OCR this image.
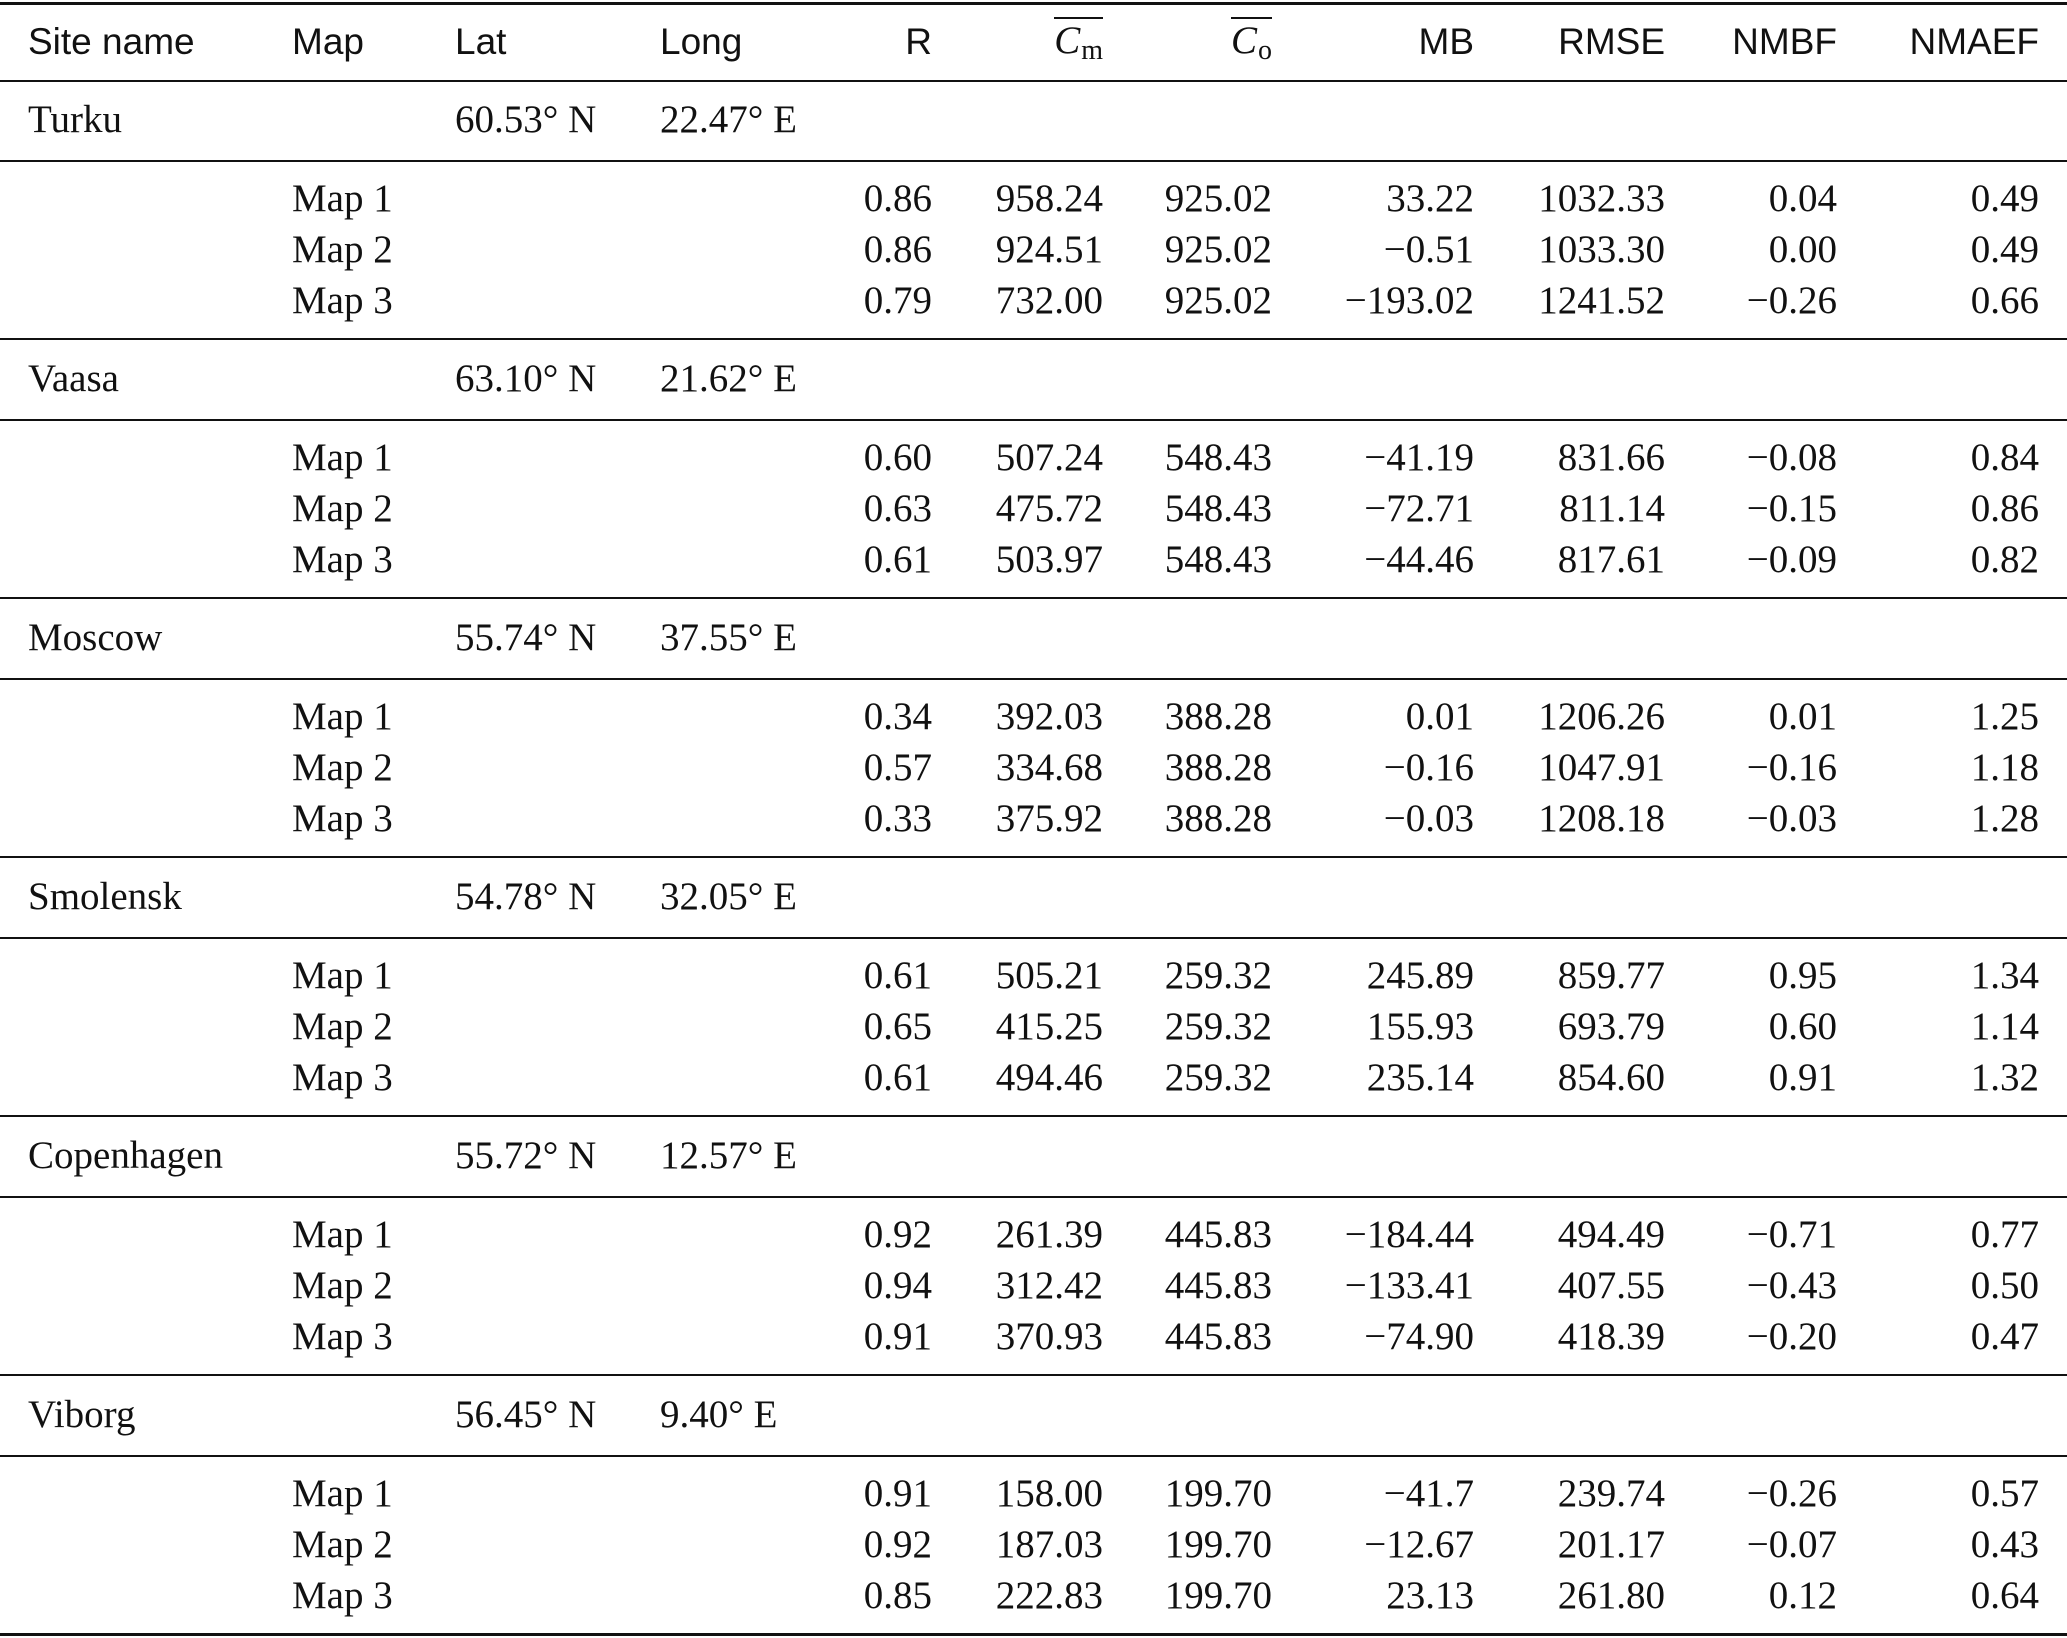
Site name	Map Lat	Long	R	$C_m$	$C_o$	MB RMSE NMBF NMAEF
Turku	60.53° N 22.47° E
Map 1	0.86 958.24 925.02	33.22 1032.33	0.04	0.49
Map 2	0.86 924.51 925.02	−0.51 1033.30	0.00	0.49
Map 3	0.79 732.00 925.02 −193.02 1241.52 −0.26	0.66
Vaasa	63.10° N 21.62° E
Map 1	0.60 507.24 548.43 −41.19 831.66 −0.08	0.84
Map 2	0.63 475.72 548.43 −72.71 811.14 −0.15	0.86
Map 3	0.61 503.97 548.43 −44.46 817.61 −0.09	0.82
Moscow	55.74° N 37.55° E
Map 1	0.34 392.03 388.28	0.01 1206.26	0.01	1.25
Map 2	0.57 334.68 388.28	−0.16 1047.91 −0.16	1.18
Map 3	0.33 375.92 388.28	−0.03 1208.18 −0.03	1.28
Smolensk	54.78° N 32.05° E
Map 1	0.61 505.21 259.32 245.89 859.77	0.95	1.34
Map 2	0.65 415.25 259.32 155.93 693.79	0.60	1.14
Map 3	0.61 494.46 259.32 235.14 854.60	0.91	1.32
Copenhagen	55.72° N 12.57° E
Map 1	0.92 261.39 445.83 −184.44 494.49 −0.71	0.77
Map 2	0.94 312.42 445.83 −133.41 407.55 −0.43	0.50
Map 3	0.91 370.93 445.83 −74.90 418.39 −0.20	0.47
Viborg	56.45° N 9.40° E
Map 1	0.91 158.00 199.70	−41.7 239.74 −0.26	0.57
Map 2	0.92 187.03 199.70 −12.67 201.17 −0.07	0.43
Map 3	0.85 222.83 199.70	23.13 261.80	0.12	0.64
